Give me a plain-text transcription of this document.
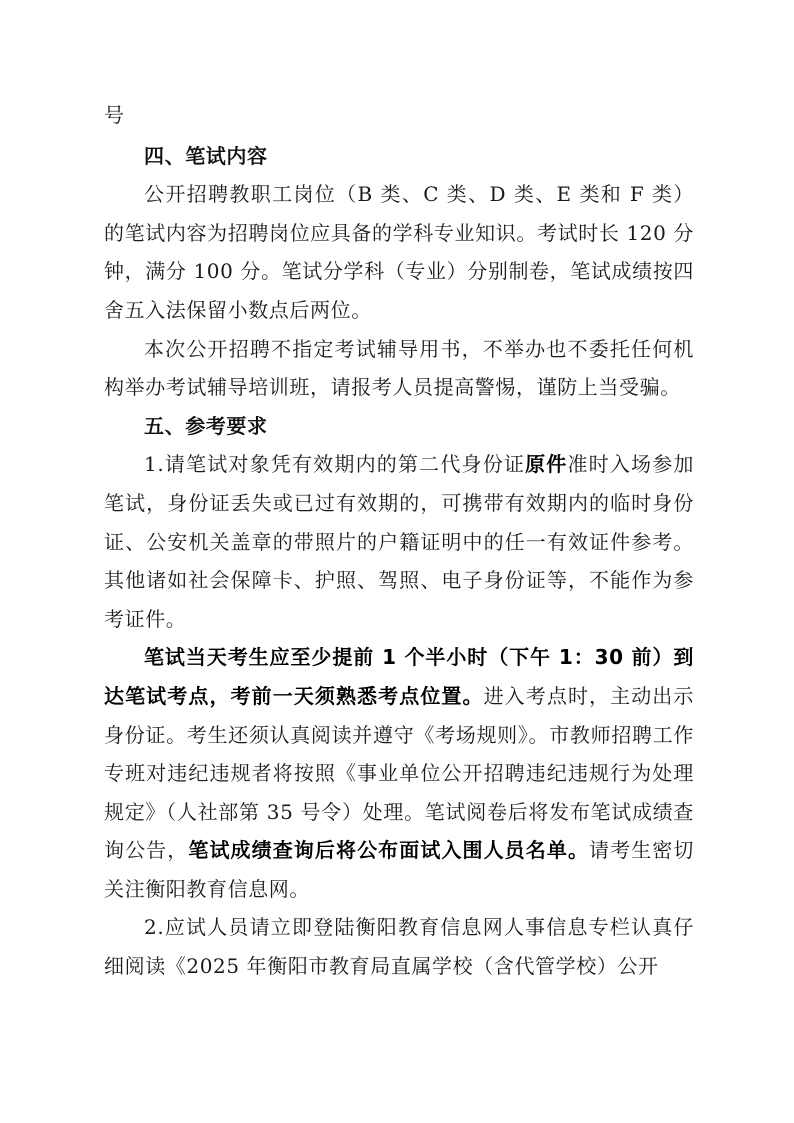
号

四、笔试内容

公开招聘教职工岗位（B 类、C 类、D 类、E 类和 F 类）的笔试内容为招聘岗位应具备的学科专业知识。考试时长 120 分钟，满分 100 分。笔试分学科（专业）分别制卷，笔试成绩按四舍五入法保留小数点后两位。

本次公开招聘不指定考试辅导用书，不举办也不委托任何机构举办考试辅导培训班，请报考人员提高警惕，谨防上当受骗。

五、参考要求

1.请笔试对象凭有效期内的第二代身份证原件准时入场参加笔试，身份证丢失或已过有效期的，可携带有效期内的临时身份证、公安机关盖章的带照片的户籍证明中的任一有效证件参考。其他诸如社会保障卡、护照、驾照、电子身份证等，不能作为参考证件。

笔试当天考生应至少提前 1 个半小时（下午 1：30 前）到达笔试考点，考前一天须熟悉考点位置。进入考点时，主动出示身份证。考生还须认真阅读并遵守《考场规则》。市教师招聘工作专班对违纪违规者将按照《事业单位公开招聘违纪违规行为处理规定》（人社部第 35 号令）处理。笔试阅卷后将发布笔试成绩查询公告，笔试成绩查询后将公布面试入围人员名单。请考生密切关注衡阳教育信息网。

2.应试人员请立即登陆衡阳教育信息网人事信息专栏认真仔细阅读《2025 年衡阳市教育局直属学校（含代管学校）公开
